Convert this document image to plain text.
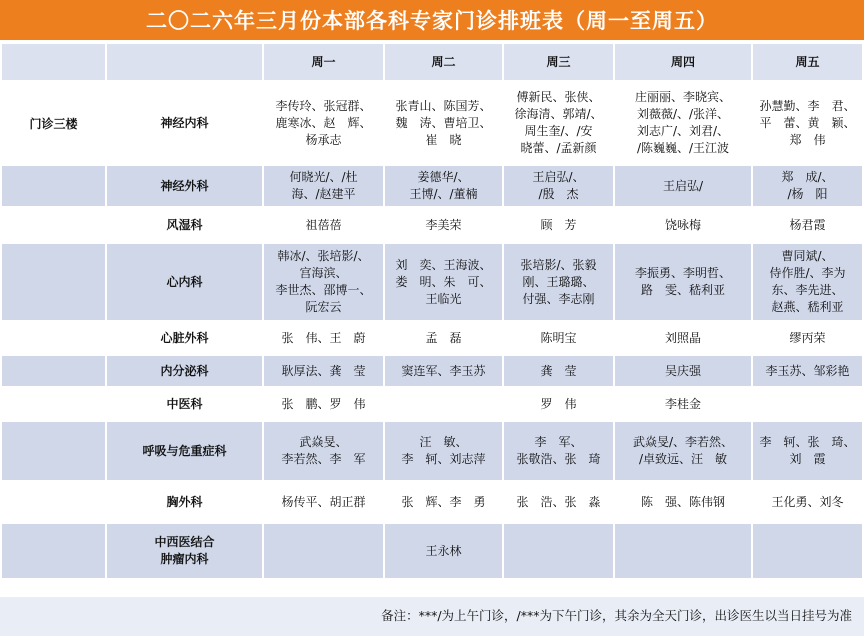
二〇二六年三月份本部各科专家门诊排班表（周一至周五）
		周一	周二	周三	周四	周五
门诊三楼	神经内科	李传玲、张冠群、
鹿寒冰、赵　辉、
杨承志	张青山、陈国芳、
魏　涛、曹培卫、
崔　晓	傅新民、张侠、
徐海清、郭靖/、
周生奎/、/安
晓蕾、/孟新颜	庄丽丽、李晓宾、
刘薇薇/、/张洋、
刘志广/、刘君/、
/陈巍巍、/王江波	孙慧勤、李　君、
平　蕾、黄　颖、
郑　伟
	神经外科	何晓光/、/杜
海、/赵建平	姜德华/、
王博/、/董楠	王启弘/、
/殷　杰	王启弘/	郑　成/、
/杨　阳
	风湿科	祖蓓蓓	李美荣	顾　芳	饶咏梅	杨君霞
	心内科	韩冰/、张培影/、
宫海滨、
李世杰、邵博一、
阮宏云	刘　奕、王海波、
娄　明、朱　可、
王临光	张培影/、张毅
刚、王璐璐、
付强、李志刚	李振勇、李明哲、
路　雯、嵇利亚	曹同斌/、
侍作胜/、李为
东、李先进、
赵燕、嵇利亚
	心脏外科	张　伟、王　蔚	孟　磊	陈明宝	刘照晶	缪丙荣
	内分泌科	耿厚法、龚　莹	窦连军、李玉苏	龚　莹	吴庆强	李玉苏、邹彩艳
	中医科	张　鹏、罗　伟		罗　伟	李桂金	
	呼吸与危重症科	武焱旻、
李若然、李　军	汪　敏、
李　轲、刘志萍	李　军、
张敬浩、张　琦	武焱旻/、李若然、
/卓致远、汪　敏	李　轲、张　琦、
刘　霞
	胸外科	杨传平、胡正群	张　辉、李　勇	张　浩、张　淼	陈　强、陈伟钢	王化勇、刘冬
	中西医结合
肿瘤内科		王永林			
备注：***/为上午门诊，/***为下午门诊，其余为全天门诊，出诊医生以当日挂号为准
